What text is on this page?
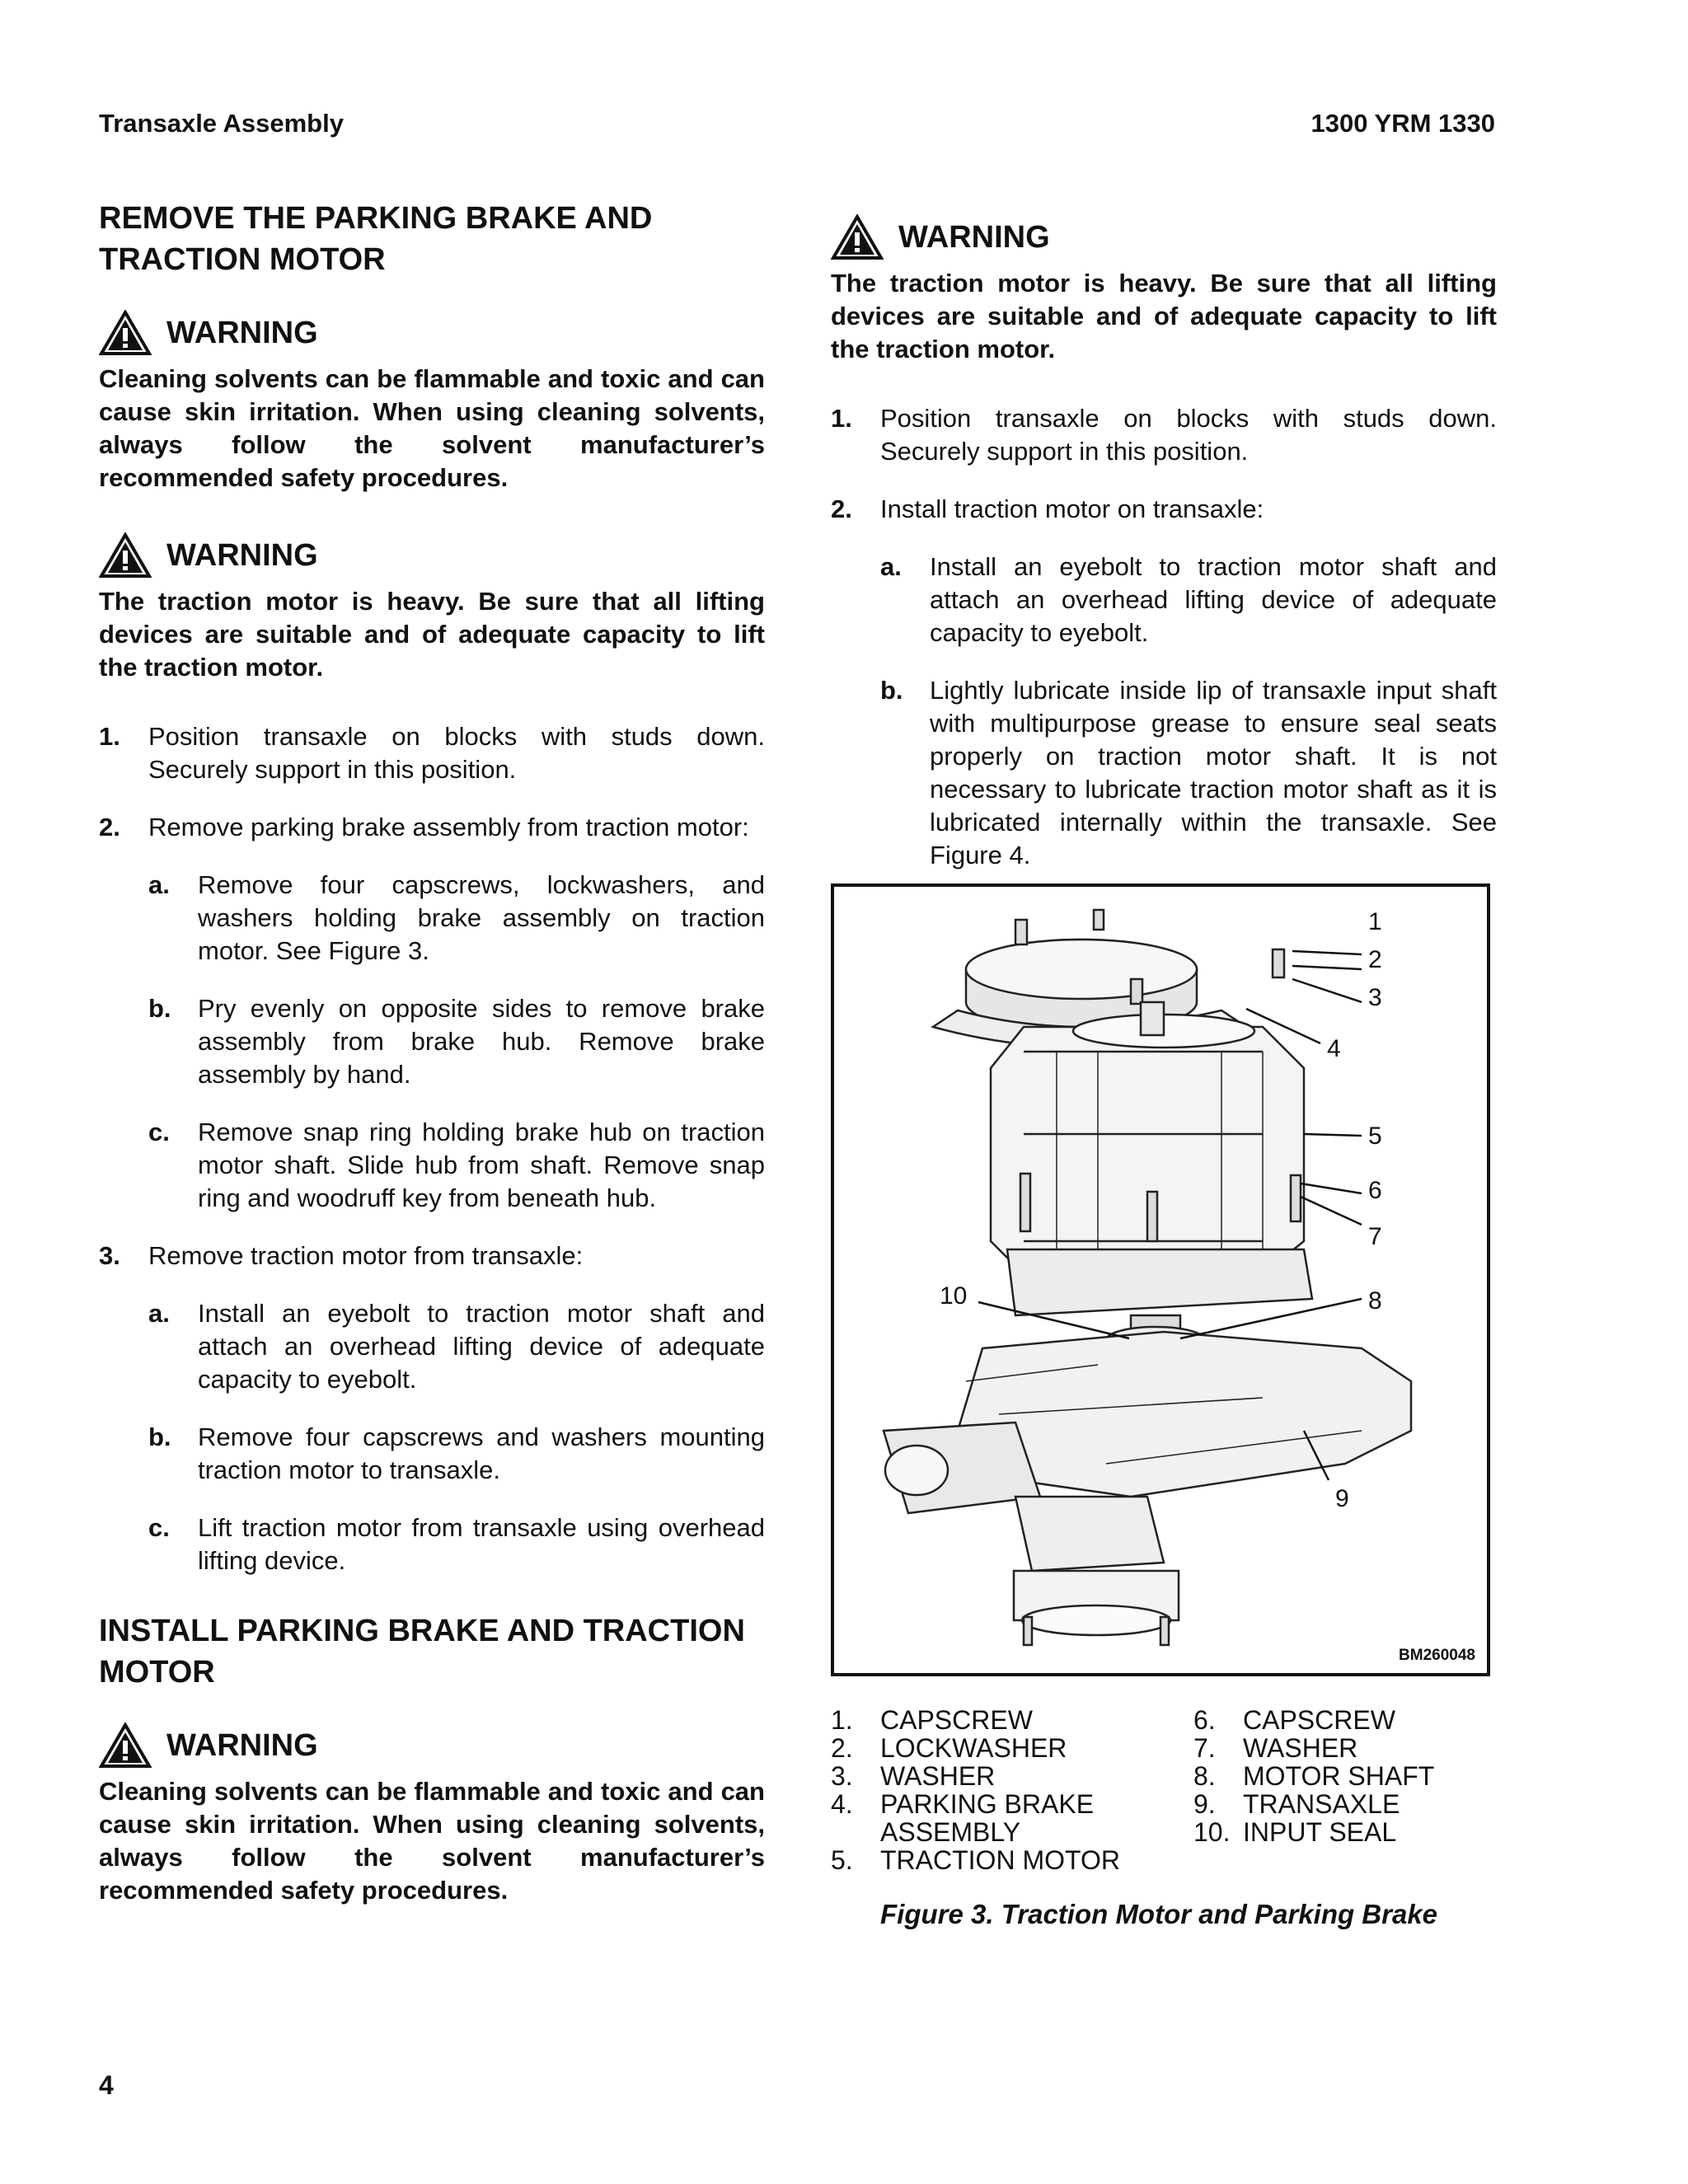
Transaxle Assembly	1300 YRM 1330
REMOVE THE PARKING BRAKE AND TRACTION MOTOR
WARNING

Cleaning solvents can be flammable and toxic and can cause skin irritation. When using cleaning solvents, always follow the solvent manufacturer’s recommended safety procedures.

WARNING

The traction motor is heavy. Be sure that all lifting devices are suitable and of adequate capacity to lift the traction motor.

1.	Position transaxle on blocks with studs down. Securely support in this position.
2.	Remove parking brake assembly from traction motor:
a.	Remove four capscrews, lockwashers, and washers holding brake assembly on traction motor. See Figure 3.
b.	Pry evenly on opposite sides to remove brake assembly from brake hub. Remove brake assembly by hand.
c.	Remove snap ring holding brake hub on traction motor shaft. Slide hub from shaft. Remove snap ring and woodruff key from beneath hub.
3.	Remove traction motor from transaxle:
a.	Install an eyebolt to traction motor shaft and attach an overhead lifting device of adequate capacity to eyebolt.
b.	Remove four capscrews and washers mounting traction motor to transaxle.
c.	Lift traction motor from transaxle using overhead lifting device.
INSTALL PARKING BRAKE AND TRACTION MOTOR
WARNING

Cleaning solvents can be flammable and toxic and can cause skin irritation. When using cleaning solvents, always follow the solvent manufacturer’s recommended safety procedures.

WARNING

The traction motor is heavy. Be sure that all lifting devices are suitable and of adequate capacity to lift the traction motor.

1.	Position transaxle on blocks with studs down. Securely support in this position.
2.	Install traction motor on transaxle:
a.	Install an eyebolt to traction motor shaft and attach an overhead lifting device of adequate capacity to eyebolt.
b.	Lightly lubricate inside lip of transaxle input shaft with multipurpose grease to ensure seal seats properly on traction motor shaft. It is not necessary to lubricate traction motor shaft as it is lubricated internally within the transaxle. See Figure 4.
1
2
3
4
5
6
7
8
9
10
BM260048
1.	CAPSCREW
2.	LOCKWASHER
3.	WASHER
4.	PARKING BRAKE
ASSEMBLY
5.	TRACTION MOTOR
6.	CAPSCREW
7.	WASHER
8.	MOTOR SHAFT
9.	TRANSAXLE
10. INPUT SEAL
Figure 3. Traction Motor and Parking Brake
4
